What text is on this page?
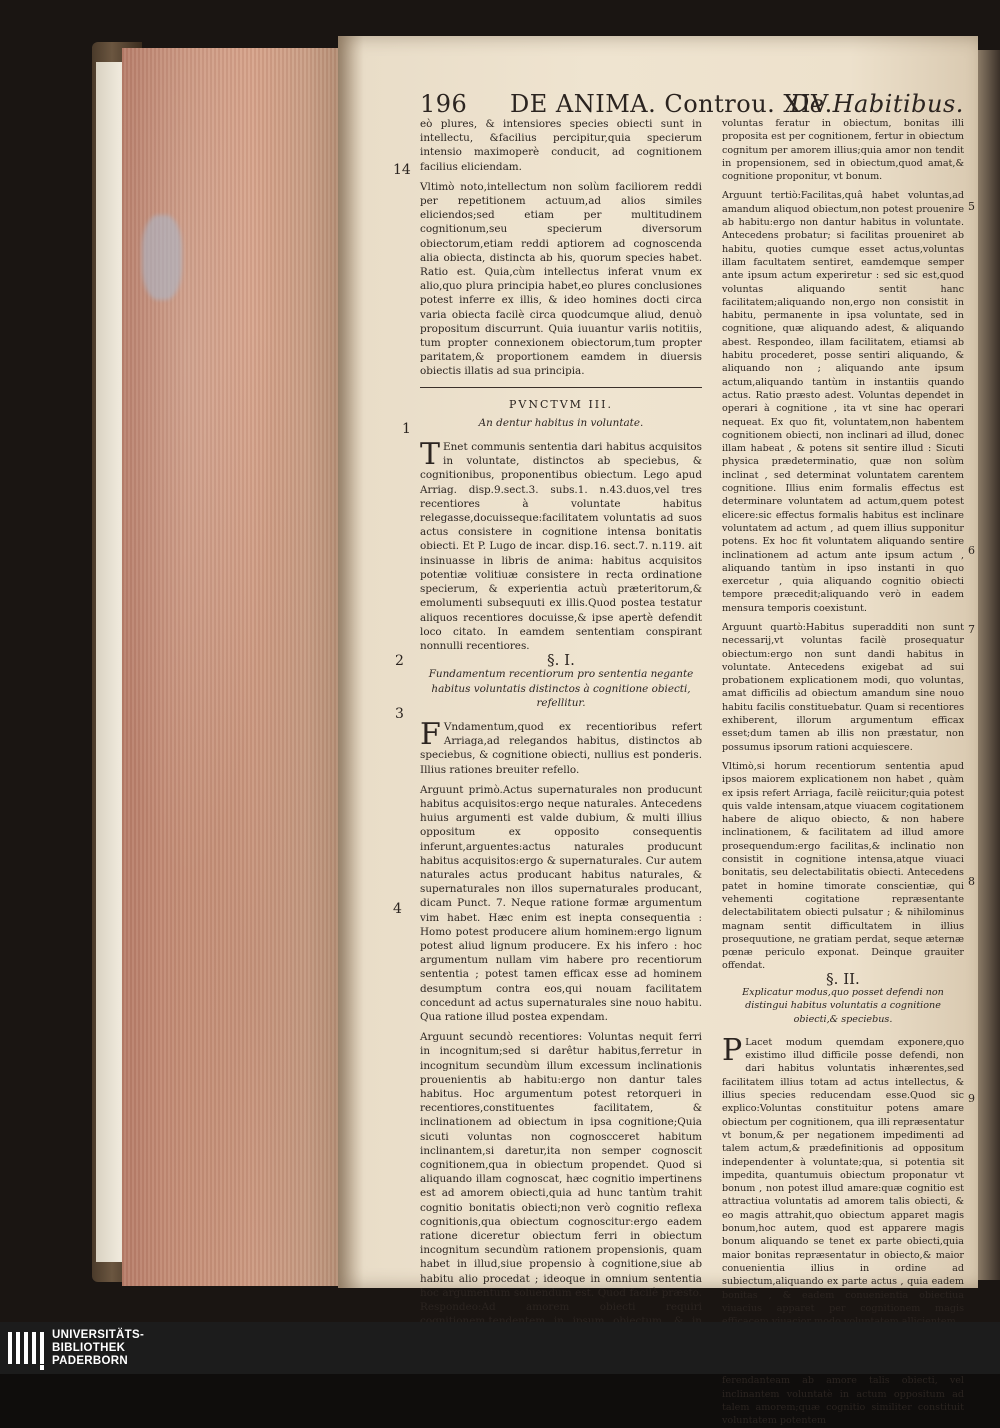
196 DE ANIMA. Controu. XIV.
De Habitibus.
14
1
2
3
4
5
6
7
8
9

eò plures, & intensiores species obiecti sunt in intellectu, &facilius percipitur,quia specierum intensio maximoperè conducit, ad cognitionem facilius eliciendam.

Vltimò noto,intellectum non solùm faciliorem reddi per repetitionem actuum,ad alios similes eliciendos;sed etiam per multitudinem cognitionum,seu specierum diversorum obiectorum,etiam reddi aptiorem ad cognoscenda alia obiecta, distincta ab his, quorum species habet. Ratio est. Quia,cùm intellectus inferat vnum ex alio,quo plura principia habet,eo plures conclusiones potest inferre ex illis, & ideo homines docti circa varia obiecta facilè circa quodcumque aliud, denuò propositum discurrunt. Quia iuuantur variis notitiis, tum propter connexionem obiectorum,tum propter paritatem,& proportionem eamdem in diuersis obiectis illatis ad sua principia.

PVNCTVM III.

An dentur habitus in voluntate.

T Enet communis sententia dari habitus acquisitos in voluntate, distinctos ab speciebus, & cognitionibus, proponentibus obiectum. Lego apud Arriag. disp.9.sect.3. subs.1. n.43.duos,vel tres recentiores à voluntate habitus relegasse,docuisseque:facilitatem voluntatis ad suos actus consistere in cognitione intensa bonitatis obiecti. Et P. Lugo de incar. disp.16. sect.7. n.119. ait insinuasse in libris de anima: habitus acquisitos potentiæ volitiuæ consistere in recta ordinatione specierum, & experientia actuù præteritorum,& emolumenti subsequuti ex illis.Quod postea testatur aliquos recentiores docuisse,& ipse apertè defendit loco citato. In eamdem sententiam conspirant nonnulli recentiores.

§. I.

Fundamentum recentiorum pro sententia negante habitus voluntatis distinctos à cognitione obiecti, refellitur.

F Vndamentum,quod ex recentioribus refert Arriaga,ad relegandos habitus, distinctos ab speciebus, & cognitione obiecti, nullius est ponderis. Illius rationes breuiter refello.

Arguunt primò.Actus supernaturales non producunt habitus acquisitos:ergo neque naturales. Antecedens huius argumenti est valde dubium, & multi illius oppositum ex opposito consequentis inferunt,arguentes:actus naturales producunt habitus acquisitos:ergo & supernaturales. Cur autem naturales actus producant habitus naturales, & supernaturales non illos supernaturales producant, dicam Punct. 7. Neque ratione formæ argumentum vim habet. Hæc enim est inepta consequentia : Homo potest producere alium hominem:ergo lignum potest aliud lignum producere. Ex his infero : hoc argumentum nullam vim habere pro recentiorum sententia ; potest tamen efficax esse ad hominem desumptum contra eos,qui nouam facilitatem concedunt ad actus supernaturales sine nouo habitu. Qua ratione illud postea expendam.

Arguunt secundò recentiores: Voluntas nequit ferri in incognitum;sed si darêtur habitus,ferretur in incognitum secundùm illum excessum inclinationis prouenientis ab habitu:ergo non dantur tales habitus. Hoc argumentum potest retorqueri in recentiores,constituentes facilitatem, & inclinationem ad obiectum in ipsa cognitione;Quia sicuti voluntas non cognoscceret habitum inclinantem,si daretur,ita non semper cognoscit cognitionem,qua in obiectum propendet. Quod si aliquando illam cognoscat, hæc cognitio impertinens est ad amorem obiecti,quia ad hunc tantùm trahit cognitio bonitatis obiecti;non verò cognitio reflexa cognitionis,qua obiectum cognoscitur:ergo eadem ratione diceretur obiectum ferri in obiectum incognitum secundùm rationem propensionis, quam habet in illud,siue propensio à cognitione,siue ab habitu alio procedat ; ideoque in omnium sententia hoc argumentum soluendum est. Quod facilè præsto. Respondeo:Ad amorem obiecti requiri

voluntas feratur in obiectum, bonitas illi proposita est per cognitionem, fertur in obiectum cognitum per amorem illius;quia amor non tendit in propensionem, sed in obiectum,quod amat,& cognitione proponitur, vt bonum.

Arguunt tertiò:Facilitas,quâ habet voluntas,ad amandum aliquod obiectum,non potest prouenire ab habitu:ergo non dantur habitus in voluntate. Antecedens probatur; si facilitas proueniret ab habitu, quoties cumque esset actus,voluntas illam facultatem sentiret, eamdemque semper ante ipsum actum experiretur : sed sic est,quod voluntas aliquando sentit hanc facilitatem;aliquando non,ergo non consistit in habitu, permanente in ipsa voluntate, sed in cognitione, quæ aliquando adest, & aliquando abest. Respondeo, illam facilitatem, etiamsi ab habitu procederet, posse sentiri aliquando, & aliquando non ; aliquando ante ipsum actum,aliquando tantùm in instantiis quando actus. Ratio præsto adest. Voluntas dependet in operari à cognitione , ita vt sine hac operari nequeat. Ex quo fit, voluntatem,non habentem cognitionem obiecti, non inclinari ad illud, donec illam habeat , & potens sit sentire illud : Sicuti physica prædeterminatio, quæ non solùm inclinat , sed determinat voluntatem carentem cognitione. Illius enim formalis effectus est determinare voluntatem ad actum,quem potest elicere:sic effectus formalis habitus est inclinare voluntatem ad actum , ad quem illius supponitur potens. Ex hoc fit voluntatem aliquando sentire inclinationem ad actum ante ipsum actum , aliquando tantùm in ipso instanti in quo exercetur , quia aliquando cognitio obiecti tempore præcedit;aliquando verò in eadem mensura temporis coexistunt.

Arguunt quartò:Habitus superadditi non sunt necessarij,vt voluntas facilè prosequatur obiectum:ergo non sunt dandi habitus in voluntate. Antecedens exigebat ad sui probationem explicationem modi, quo voluntas, amat difficilis ad obiectum amandum sine nouo habitu facilis constituebatur. Quam si recentiores exhiberent, illorum argumentum efficax esset;dum tamen ab illis non præstatur, non possumus ipsorum rationi acquiescere.

Vltimò,si horum recentiorum sententia apud ipsos maiorem explicationem non habet , quàm ex ipsis refert Arriaga, facilè reiicitur;quia potest quis valde intensam,atque viuacem cogitationem habere de aliquo obiecto, & non habere inclinationem, & facilitatem ad illud amore prosequendum:ergo facilitas,& inclinatio non consistit in cognitione intensa,atque viuaci bonitatis, seu delectabilitatis obiecti. Antecedens patet in homine timorate conscientiæ, qui vehementi cogitatione repræsentante delectabilitatem obiecti pulsatur ; & nihilominus magnam sentit difficultatem in illius prosequutione, ne gratiam perdat, seque æternæ pœnæ periculo exponat. Deinque grauiter offendat.

§. II.

Explicatur modus,quo posset defendi non distingui habitus voluntatis a cognitione obiecti,& speciebus.

P Lacet modum quemdam exponere,quo existimo illud difficile posse defendi, non dari habitus voluntatis inhærentes,sed facilitatem illius totam ad actus intellectus, & illius species reducendam esse.Quod sic explico:Voluntas constituitur potens amare obiectum per cognitionem, qua illi repræsentatur vt bonum,& per negationem impedimenti ad talem actum,& prædefinitionis ad oppositum independenter à voluntate;qua, si potentia sit impedita, quantumuis obiectum proponatur vt bonum , non potest illud amare:quæ cognitio est attractiua voluntatis ad amorem talis obiecti, & eo magis attrahit,quo obiectum apparet magis bonum,hoc autem, quod est apparere magis bonum aliquando se tenet ex parte obiecti,quia maior bonitas repræsentatur in obiecto,& maior conuenientia illius in ordine ad subiectum,aliquando ex parte actus , quia eadem bonitas , & eadem conuenientia obiectiua viuacius apparet per cognitionem magis

ferendanteam ab amore talis obiecti, vel inclinantem voluntatè in actum oppositum ad talem amorem;quæ cognitio similiter constituit voluntatem potentem

UNIVERSITÄTS-
BIBLIOTHEK
PADERBORN
